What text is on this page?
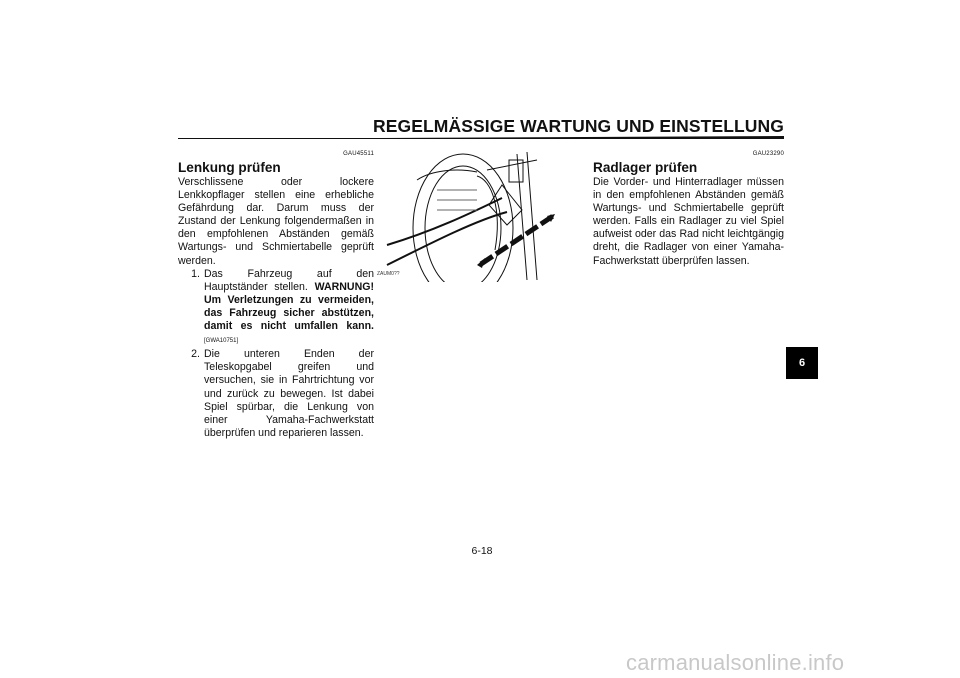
REGELMÄSSIGE WARTUNG UND EINSTELLUNG
GAU45511
Lenkung prüfen
Verschlissene oder lockere Lenkkopflager stellen eine erhebliche Gefährdung dar. Darum muss der Zustand der Lenkung folgendermaßen in den empfohlenen Abständen gemäß Wartungs- und Schmiertabelle geprüft werden.
1. Das Fahrzeug auf den Hauptständer stellen. WARNUNG! Um Verletzungen zu vermeiden, das Fahrzeug sicher abstützen, damit es nicht umfallen kann.[GWA10751]
2. Die unteren Enden der Teleskopgabel greifen und versuchen, sie in Fahrtrichtung vor und zurück zu bewegen. Ist dabei Spiel spürbar, die Lenkung von einer Yamaha-Fachwerkstatt überprüfen und reparieren lassen.
ZAUM0??
GAU23290
Radlager prüfen
Die Vorder- und Hinterradlager müssen in den empfohlenen Abständen gemäß Wartungs- und Schmiertabelle geprüft werden. Falls ein Radlager zu viel Spiel aufweist oder das Rad nicht leichtgängig dreht, die Radlager von einer Yamaha-Fachwerkstatt überprüfen lassen.
6
6-18
carmanualsonline.info
